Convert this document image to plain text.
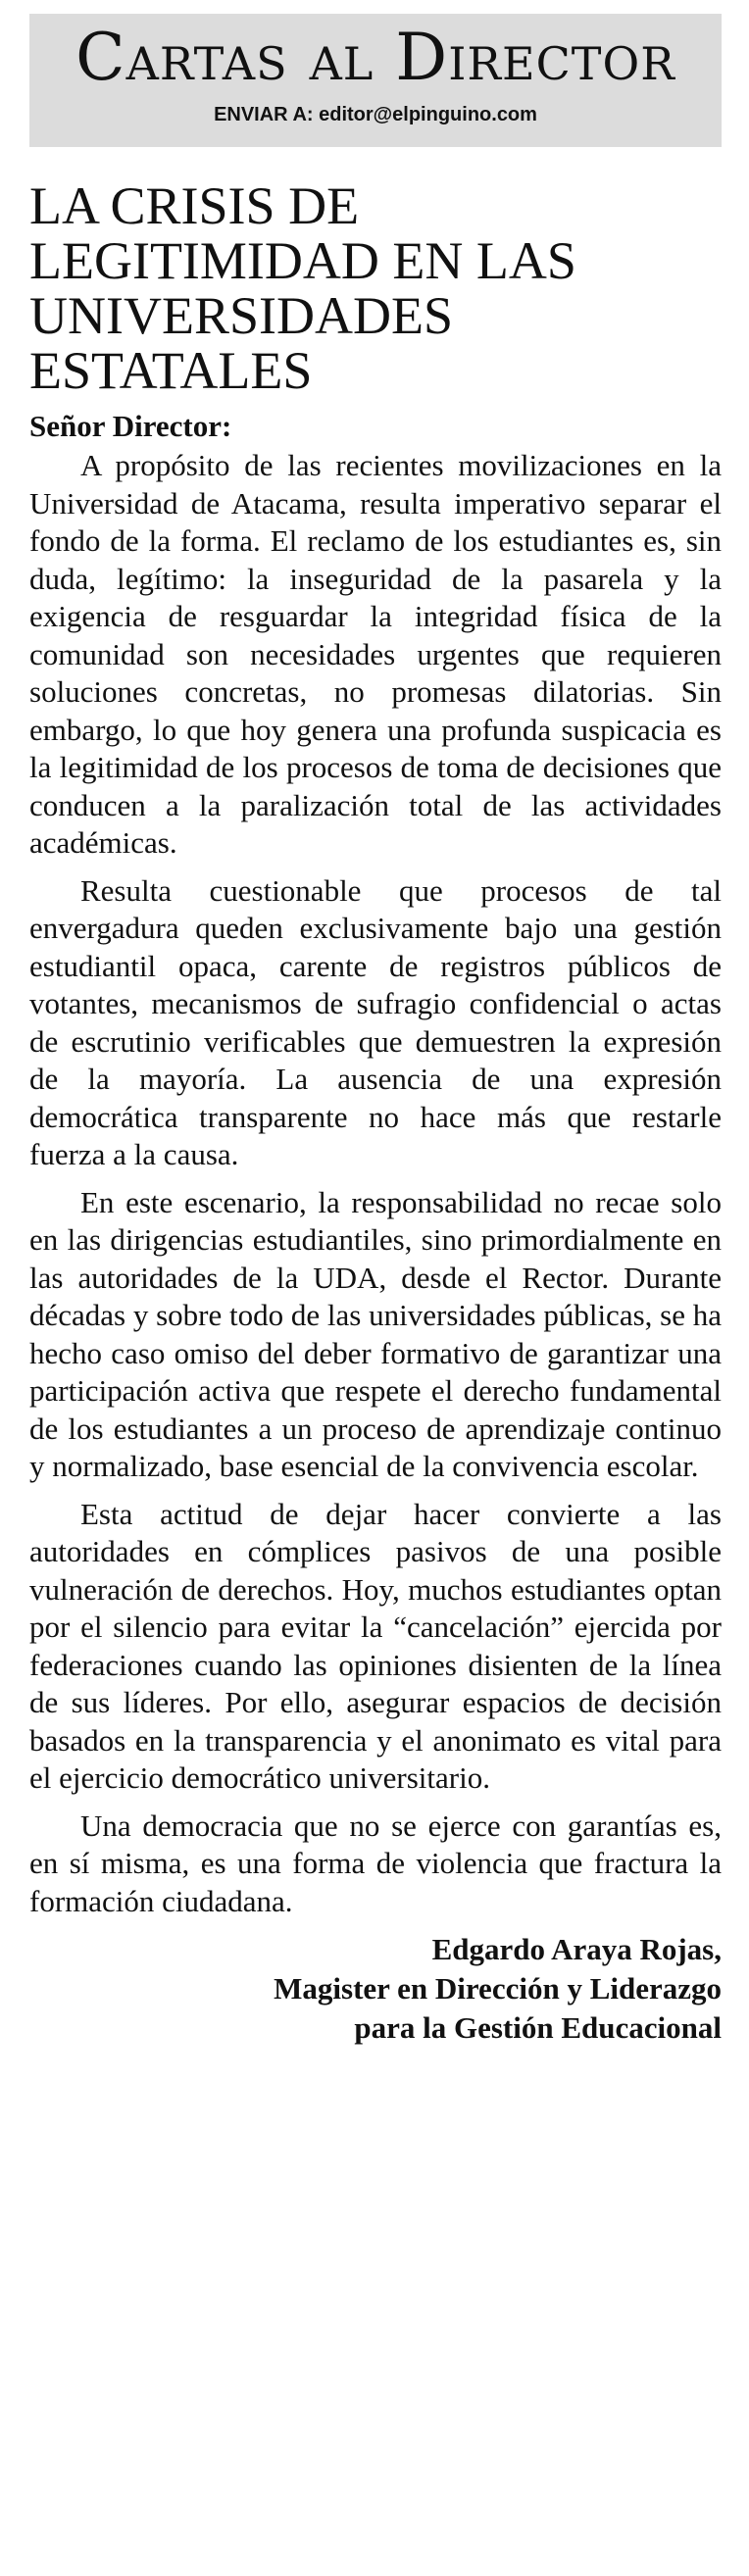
Cartas al Director
ENVIAR A: editor@elpinguino.com
LA CRISIS DE LEGITIMIDAD EN LAS UNIVERSIDADES ESTATALES
Señor Director:

A propósito de las recientes movilizaciones en la Universidad de Atacama, resulta imperativo separar el fondo de la forma. El reclamo de los estudiantes es, sin duda, legítimo: la inseguridad de la pasarela y la exigencia de resguardar la integridad física de la comunidad son necesidades urgentes que requieren soluciones concretas, no promesas dilatorias. Sin embargo, lo que hoy genera una profunda suspicacia es la legitimidad de los procesos de toma de decisiones que conducen a la paralización total de las actividades académicas.

Resulta cuestionable que procesos de tal envergadura queden exclusivamente bajo una gestión estudiantil opaca, carente de registros públicos de votantes, mecanismos de sufragio confidencial o actas de escrutinio verificables que demuestren la expresión de la mayoría. La ausencia de una expresión democrática transparente no hace más que restarle fuerza a la causa.

En este escenario, la responsabilidad no recae solo en las dirigencias estudiantiles, sino primordialmente en las autoridades de la UDA, desde el Rector. Durante décadas y sobre todo de las universidades públicas, se ha hecho caso omiso del deber formativo de garantizar una participación activa que respete el derecho fundamental de los estudiantes a un proceso de aprendizaje continuo y normalizado, base esencial de la convivencia escolar.

Esta actitud de dejar hacer convierte a las autoridades en cómplices pasivos de una posible vulneración de derechos. Hoy, muchos estudiantes optan por el silencio para evitar la “cancelación” ejercida por federaciones cuando las opiniones disienten de la línea de sus líderes. Por ello, asegurar espacios de decisión basados en la transparencia y el anonimato es vital para el ejercicio democrático universitario.

Una democracia que no se ejerce con garantías es, en sí misma, es una forma de violencia que fractura la formación ciudadana.

Edgardo Araya Rojas,
Magister en Dirección y Liderazgo
para la Gestión Educacional
